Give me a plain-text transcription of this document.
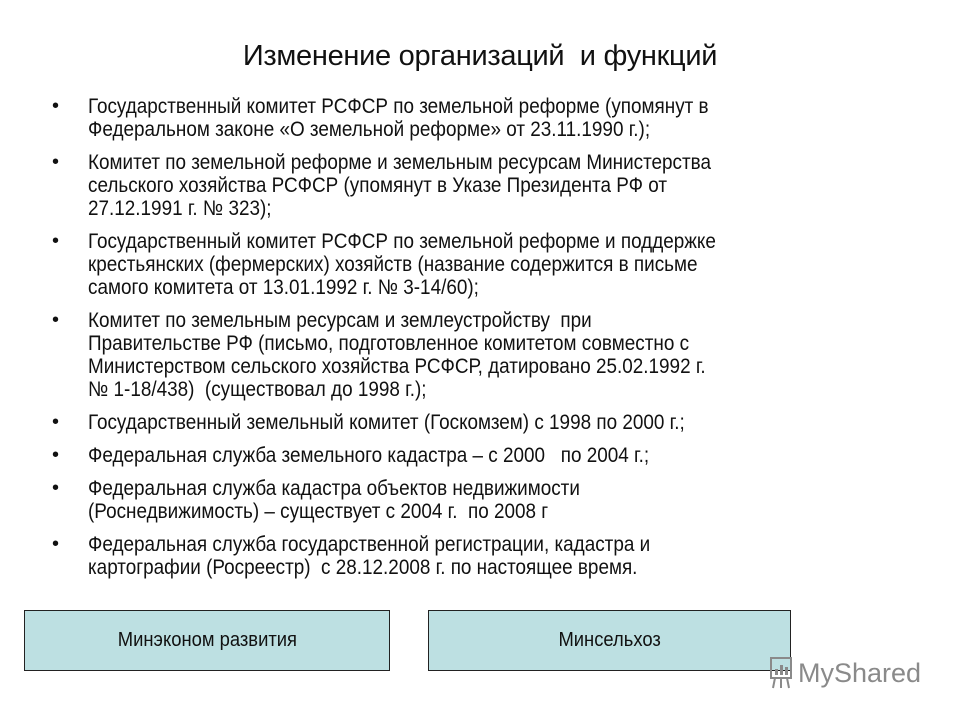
Изменение организаций  и функций
• Государственный комитет РСФСР по земельной реформе (упомянут в
Федеральном законе «О земельной реформе» от 23.11.1990 г.);
• Комитет по земельной реформе и земельным ресурсам Министерства
сельского хозяйства РСФСР (упомянут в Указе Президента РФ от
27.12.1991 г. № 323);
• Государственный комитет РСФСР по земельной реформе и поддержке
крестьянских (фермерских) хозяйств (название содержится в письме
самого комитета от 13.01.1992 г. № 3-14/60);
• Комитет по земельным ресурсам и землеустройству  при
Правительстве РФ (письмо, подготовленное комитетом совместно с
Министерством сельского хозяйства РСФСР, датировано 25.02.1992 г.
№ 1-18/438)  (существовал до 1998 г.);
• Государственный земельный комитет (Госкомзем) с 1998 по 2000 г.;
• Федеральная служба земельного кадастра – с 2000   по 2004 г.;
• Федеральная служба кадастра объектов недвижимости
(Роснедвижимость) – существует с 2004 г.  по 2008 г
• Федеральная служба государственной регистрации, кадастра и
картографии (Росреестр)  с 28.12.2008 г. по настоящее время.
Минэконом развития	Минсельхоз
MyShared
